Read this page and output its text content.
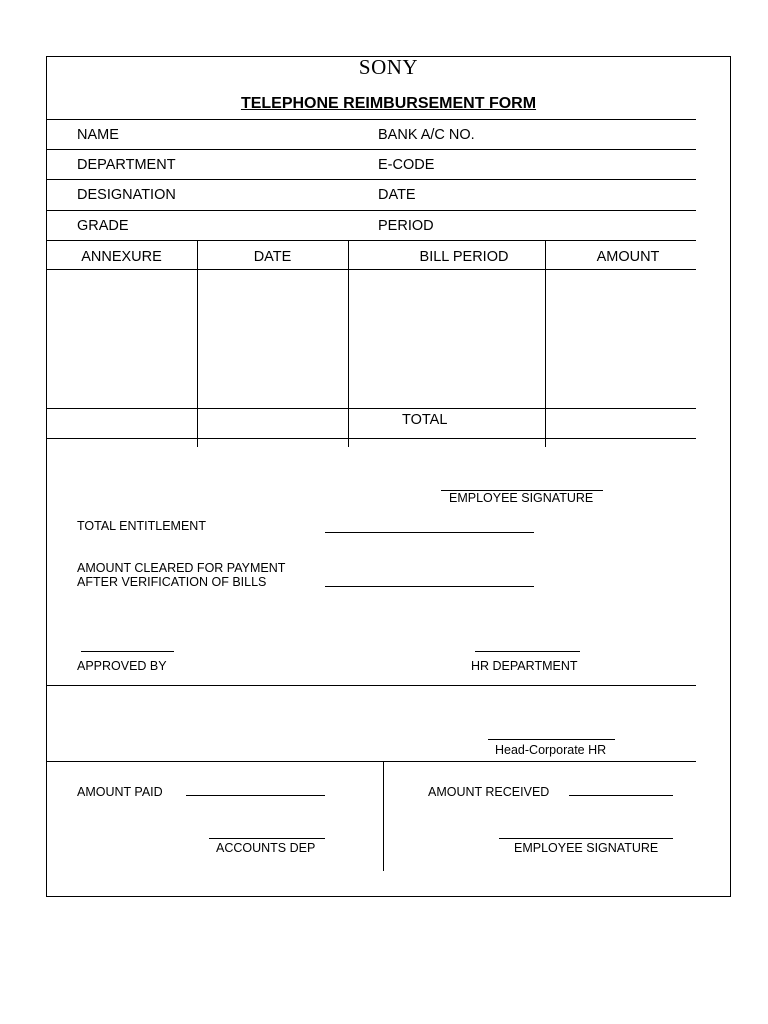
SONY
TELEPHONE REIMBURSEMENT FORM
NAME	BANK A/C NO.
DEPARTMENT	E-CODE
DESIGNATION	DATE
GRADE	PERIOD
ANNEXURE	DATE	BILL PERIOD	AMOUNT
TOTAL
EMPLOYEE SIGNATURE
TOTAL ENTITLEMENT
AMOUNT CLEARED FOR PAYMENT
AFTER VERIFICATION OF BILLS
APPROVED BY	HR DEPARTMENT
Head-Corporate HR
AMOUNT PAID
ACCOUNTS DEP
AMOUNT RECEIVED
EMPLOYEE SIGNATURE
